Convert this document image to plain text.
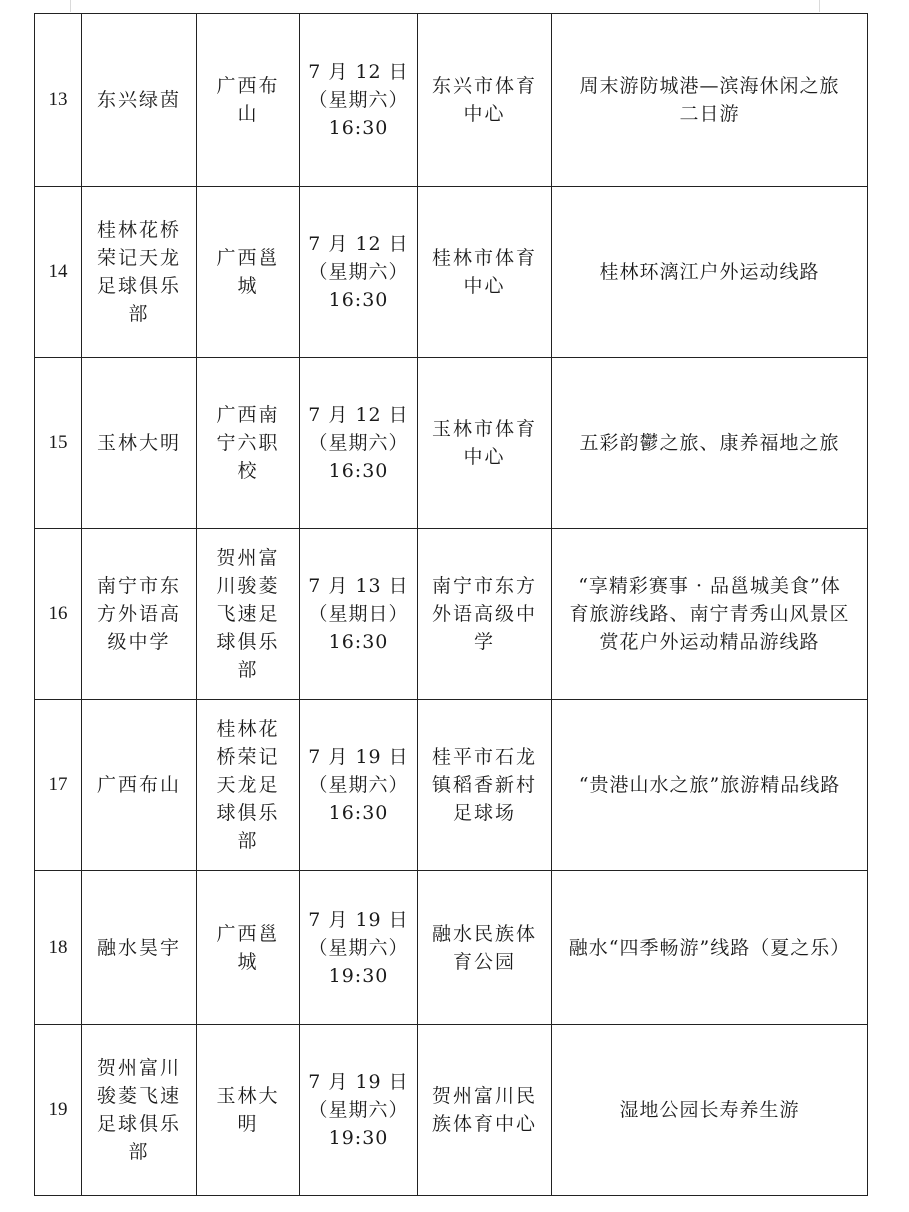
13	东兴绿茵	广西布
山	7 月 12 日
（星期六）
16:30	东兴市体育
中心	周末游防城港—滨海休闲之旅
二日游
14	桂林花桥
荣记天龙
足球俱乐
部	广西邕
城	7 月 12 日
（星期六）
16:30	桂林市体育
中心	桂林环漓江户外运动线路
15	玉林大明	广西南
宁六职
校	7 月 12 日
（星期六）
16:30	玉林市体育
中心	五彩韵鬱之旅、康养福地之旅
16	南宁市东
方外语高
级中学	贺州富
川骏菱
飞速足
球俱乐
部	7 月 13 日
（星期日）
16:30	南宁市东方
外语高级中
学	“享精彩赛事 · 品邕城美食”体
育旅游线路、南宁青秀山风景区
赏花户外运动精品游线路
17	广西布山	桂林花
桥荣记
天龙足
球俱乐
部	7 月 19 日
（星期六）
16:30	桂平市石龙
镇稻香新村
足球场	“贵港山水之旅”旅游精品线路
18	融水昊宇	广西邕
城	7 月 19 日
（星期六）
19:30	融水民族体
育公园	融水“四季畅游”线路（夏之乐）
19	贺州富川
骏菱飞速
足球俱乐
部	玉林大
明	7 月 19 日
（星期六）
19:30	贺州富川民
族体育中心	湿地公园长寿养生游
